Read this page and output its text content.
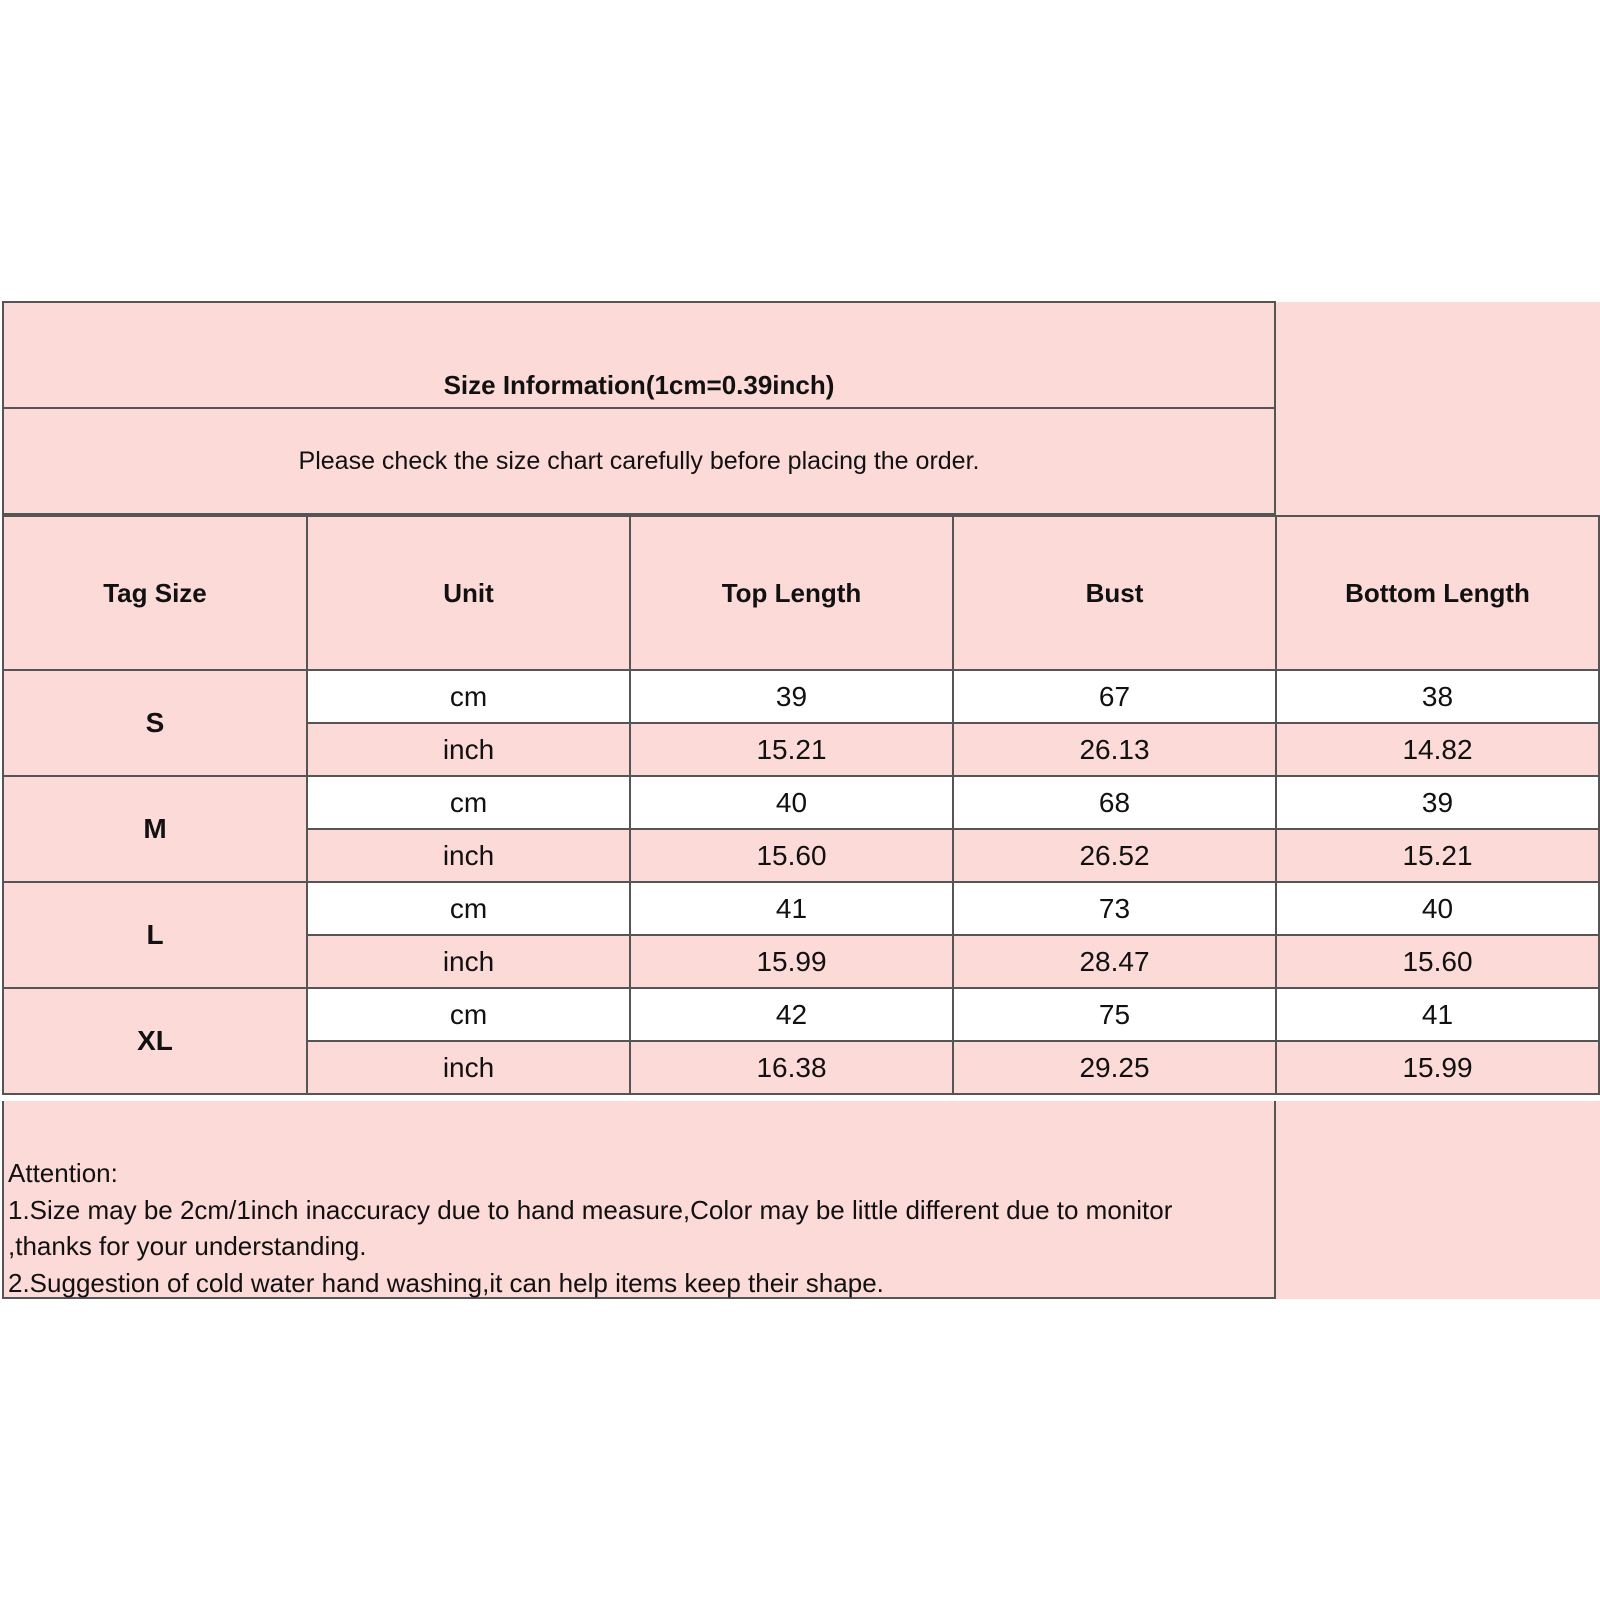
Size Information(1cm=0.39inch)
Please check the size chart carefully before placing the order.
Tag Size	Unit	Top Length	Bust	Bottom Length
S	cm	39	67	38
	inch	15.21	26.13	14.82
M	cm	40	68	39
	inch	15.60	26.52	15.21
L	cm	41	73	40
	inch	15.99	28.47	15.60
XL	cm	42	75	41
	inch	16.38	29.25	15.99
Attention:
1.Size may be 2cm/1inch inaccuracy due to hand measure,Color may be little different due to monitor
,thanks for your understanding.
2.Suggestion of cold water hand washing,it can help items keep their shape.
